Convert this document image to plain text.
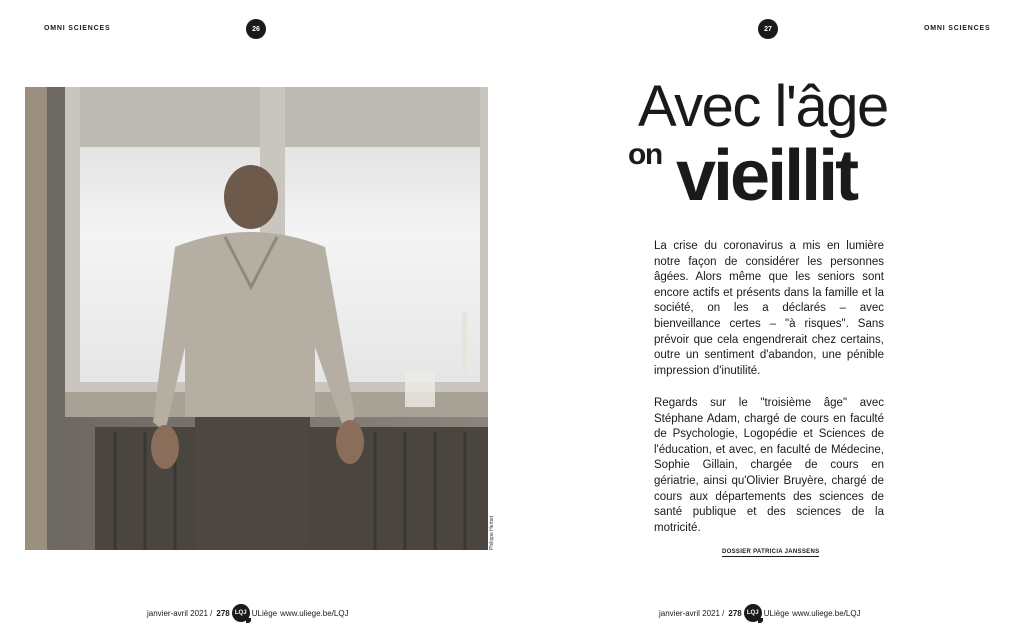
OMNI SCIENCES	26	27	OMNI SCIENCES
Philippe Herbet
Avec l'âge
on vieillit
La crise du coronavirus a mis en lumière notre façon de considérer les personnes âgées. Alors même que les seniors sont encore actifs et présents dans la famille et la société, on les a déclarés – avec bienveillance certes – "à risques". Sans prévoir que cela engendrerait chez certains, outre un sentiment d'abandon, une pénible impression d'inutilité.
Regards sur le "troisième âge" avec Stéphane Adam, chargé de cours en faculté de Psychologie, Logopédie et Sciences de l'éducation, et avec, en faculté de Médecine, Sophie Gillain, chargée de cours en gériatrie, ainsi qu'Olivier Bruyère, chargé de cours aux départements des sciences de santé publique et des sciences de la motricité.
DOSSIER PATRICIA JANSSENS
janvier-avril 2021 / 278 LQJ ULiège www.uliege.be/LQJ	janvier-avril 2021 / 278 LQJ ULiège www.uliege.be/LQJ
